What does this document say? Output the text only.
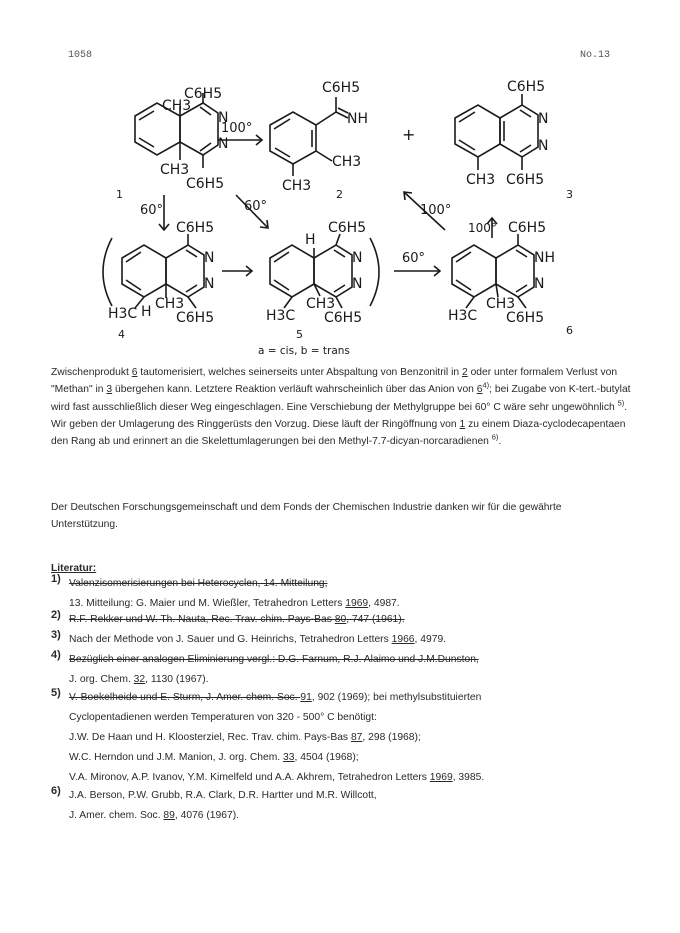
1058	No.13
C6H5
CH3
N
N
CH3
C6H5
1
100°
C6H5
NH
CH3
CH3
2
+
C6H5
N
N
CH3 C6H5
3
60°	60°	100°
C6H5
N
N
H3C H CH3
C6H5
4
H
C6H5
N
N
H3C
CH3
C6H5
5
60°
100° C6H5
NH
N
H3C
CH3
C6H5
6
a = cis, b = trans
Zwischenprodukt 6 tautomerisiert, welches seinerseits unter Abspaltung von Benzonitril in 2 oder unter formalem Verlust von "Methan" in 3 übergehen kann. Letztere Reaktion verläuft wahrscheinlich über das Anion von 6$^{4)}$; bei Zugabe von K-tert.-butylat wird fast ausschließlich dieser Weg eingeschlagen. Eine Verschiebung der Methylgruppe bei 60° C wäre sehr ungewöhnlich $^{5)}$. Wir geben der Umlagerung des Ringgerüsts den Vorzug. Diese läuft der Ringöffnung von 1 zu einem Diaza-cyclodecapentaen den Rang ab und erinnert an die Skelettumlagerungen bei den Methyl-7.7-dicyan-norcaradienen $^{6)}$.
Der Deutschen Forschungsgemeinschaft und dem Fonds der Chemischen Industrie danken wir für die gewährte Unterstützung.
Literatur:
1) Valenzisomerisierungen bei Heterocyclen, 14. Mitteilung;
13. Mitteilung: G. Maier und M. Wießler, Tetrahedron Letters 1969, 4987.
2) R.F. Rekker und W. Th. Nauta, Rec. Trav. chim. Pays-Bas 80, 747 (1961).
3) Nach der Methode von J. Sauer und G. Heinrichs, Tetrahedron Letters 1966, 4979.
4) Bezüglich einer analogen Eliminierung vergl.: D.G. Farnum, R.J. Alaimo und J.M.Dunston,
J. org. Chem. 32, 1130 (1967).
5) V. Boekelheide und E. Sturm, J. Amer. chem. Soc. 91, 902 (1969); bei methylsubstituierten
Cyclopentadienen werden Temperaturen von 320 - 500° C benötigt:
J.W. De Haan und H. Kloosterziel, Rec. Trav. chim. Pays-Bas 87, 298 (1968);
W.C. Herndon und J.M. Manion, J. org. Chem. 33, 4504 (1968);
V.A. Mironov, A.P. Ivanov, Y.M. Kimelfeld und A.A. Akhrem, Tetrahedron Letters 1969, 3985.
6) J.A. Berson, P.W. Grubb, R.A. Clark, D.R. Hartter und M.R. Willcott,
J. Amer. chem. Soc. 89, 4076 (1967).
